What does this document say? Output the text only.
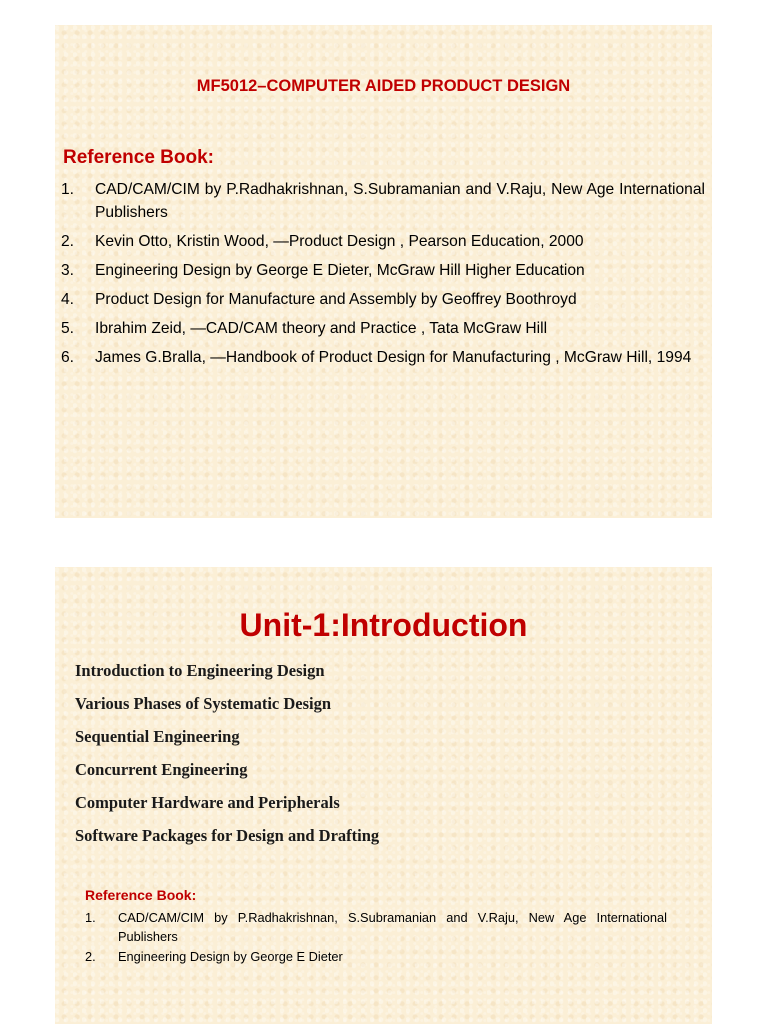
MF5012–COMPUTER AIDED PRODUCT DESIGN
Reference Book:
1. CAD/CAM/CIM by P.Radhakrishnan, S.Subramanian and V.Raju, New Age International Publishers
2. Kevin Otto, Kristin Wood, ―Product Design , Pearson Education, 2000
3. Engineering Design by George E Dieter, McGraw Hill Higher Education
4. Product Design for Manufacture and Assembly by Geoffrey Boothroyd
5. Ibrahim Zeid, ―CAD/CAM theory and Practice , Tata McGraw Hill
6. James G.Bralla, ―Handbook of Product Design for Manufacturing , McGraw Hill, 1994
Unit-1:Introduction
Introduction to Engineering Design
Various Phases of Systematic Design
Sequential Engineering
Concurrent Engineering
Computer Hardware and Peripherals
Software Packages for Design and Drafting
Reference Book:
1. CAD/CAM/CIM by P.Radhakrishnan, S.Subramanian and V.Raju, New Age International Publishers
2. Engineering Design by George E Dieter
